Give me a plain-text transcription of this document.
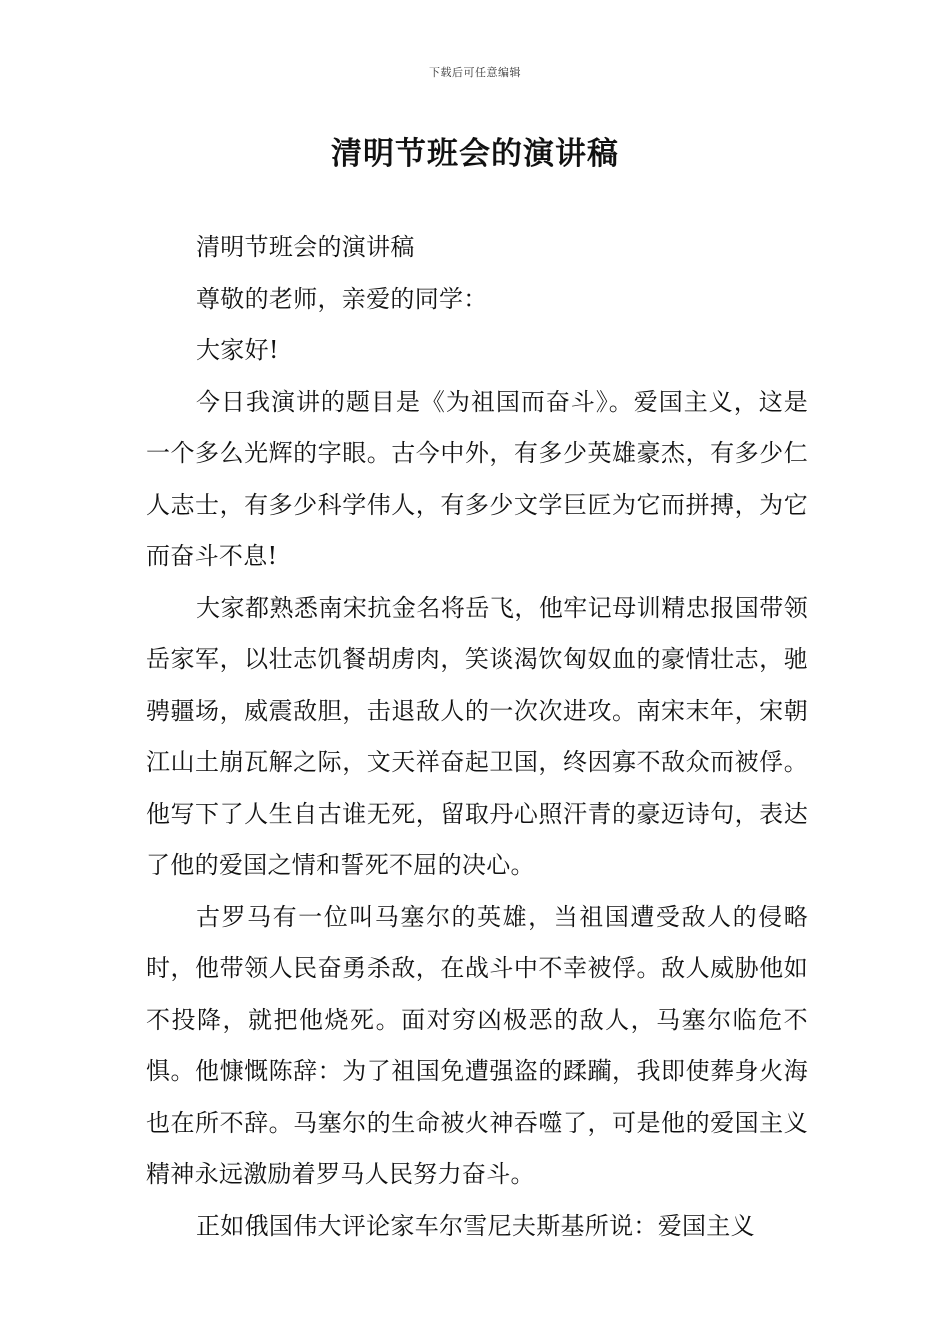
下载后可任意编辑
清明节班会的演讲稿

清明节班会的演讲稿

尊敬的老师，亲爱的同学：

大家好!

今日我演讲的题目是《为祖国而奋斗》。爱国主义，这是一个多么光辉的字眼。古今中外，有多少英雄豪杰，有多少仁人志士，有多少科学伟人，有多少文学巨匠为它而拼搏，为它而奋斗不息!

大家都熟悉南宋抗金名将岳飞，他牢记母训精忠报国带领岳家军，以壮志饥餐胡虏肉，笑谈渴饮匈奴血的豪情壮志，驰骋疆场，威震敌胆，击退敌人的一次次进攻。南宋末年，宋朝江山土崩瓦解之际，文天祥奋起卫国，终因寡不敌众而被俘。他写下了人生自古谁无死，留取丹心照汗青的豪迈诗句，表达了他的爱国之情和誓死不屈的决心。

古罗马有一位叫马塞尔的英雄，当祖国遭受敌人的侵略时，他带领人民奋勇杀敌，在战斗中不幸被俘。敌人威胁他如不投降，就把他烧死。面对穷凶极恶的敌人，马塞尔临危不惧。他慷慨陈辞：为了祖国免遭强盗的蹂躏，我即使葬身火海也在所不辞。马塞尔的生命被火神吞噬了，可是他的爱国主义精神永远激励着罗马人民努力奋斗。

正如俄国伟大评论家车尔雪尼夫斯基所说：爱国主义
